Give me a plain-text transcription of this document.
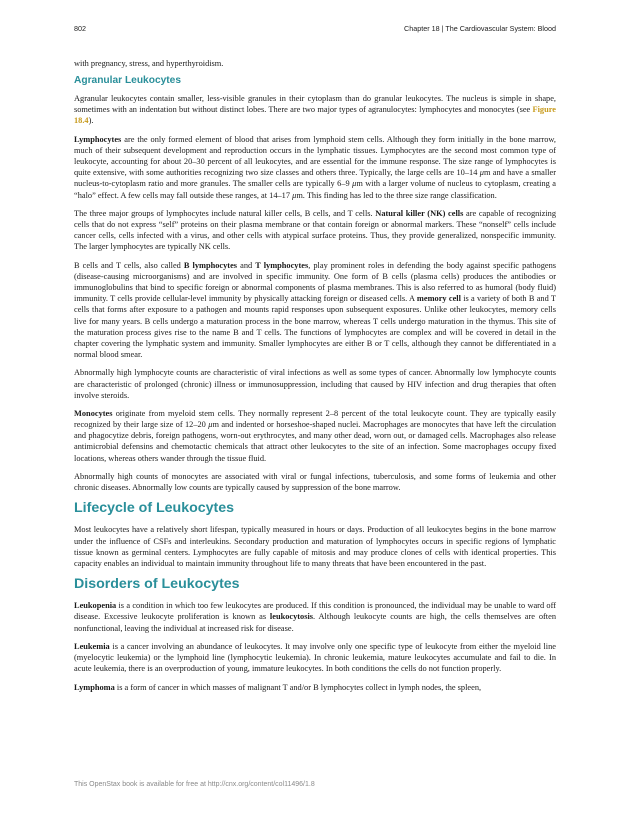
802	Chapter 18 | The Cardiovascular System: Blood

with pregnancy, stress, and hyperthyroidism.

Agranular Leukocytes

Agranular leukocytes contain smaller, less-visible granules in their cytoplasm than do granular leukocytes. The nucleus is simple in shape, sometimes with an indentation but without distinct lobes. There are two major types of agranulocytes: lymphocytes and monocytes (see Figure 18.4).

Lymphocytes are the only formed element of blood that arises from lymphoid stem cells. Although they form initially in the bone marrow, much of their subsequent development and reproduction occurs in the lymphatic tissues. Lymphocytes are the second most common type of leukocyte, accounting for about 20–30 percent of all leukocytes, and are essential for the immune response. The size range of lymphocytes is quite extensive, with some authorities recognizing two size classes and others three. Typically, the large cells are 10–14 μm and have a smaller nucleus-to-cytoplasm ratio and more granules. The smaller cells are typically 6–9 μm with a larger volume of nucleus to cytoplasm, creating a “halo” effect. A few cells may fall outside these ranges, at 14–17 μm. This finding has led to the three size range classification.

The three major groups of lymphocytes include natural killer cells, B cells, and T cells. Natural killer (NK) cells are capable of recognizing cells that do not express “self” proteins on their plasma membrane or that contain foreign or abnormal markers. These “nonself” cells include cancer cells, cells infected with a virus, and other cells with atypical surface proteins. Thus, they provide generalized, nonspecific immunity. The larger lymphocytes are typically NK cells.

B cells and T cells, also called B lymphocytes and T lymphocytes, play prominent roles in defending the body against specific pathogens (disease-causing microorganisms) and are involved in specific immunity. One form of B cells (plasma cells) produces the antibodies or immunoglobulins that bind to specific foreign or abnormal components of plasma membranes. This is also referred to as humoral (body fluid) immunity. T cells provide cellular-level immunity by physically attacking foreign or diseased cells. A memory cell is a variety of both B and T cells that forms after exposure to a pathogen and mounts rapid responses upon subsequent exposures. Unlike other leukocytes, memory cells live for many years. B cells undergo a maturation process in the bone marrow, whereas T cells undergo maturation in the thymus. This site of the maturation process gives rise to the name B and T cells. The functions of lymphocytes are complex and will be covered in detail in the chapter covering the lymphatic system and immunity. Smaller lymphocytes are either B or T cells, although they cannot be differentiated in a normal blood smear.

Abnormally high lymphocyte counts are characteristic of viral infections as well as some types of cancer. Abnormally low lymphocyte counts are characteristic of prolonged (chronic) illness or immunosuppression, including that caused by HIV infection and drug therapies that often involve steroids.

Monocytes originate from myeloid stem cells. They normally represent 2–8 percent of the total leukocyte count. They are typically easily recognized by their large size of 12–20 μm and indented or horseshoe-shaped nuclei. Macrophages are monocytes that have left the circulation and phagocytize debris, foreign pathogens, worn-out erythrocytes, and many other dead, worn out, or damaged cells. Macrophages also release antimicrobial defensins and chemotactic chemicals that attract other leukocytes to the site of an infection. Some macrophages occupy fixed locations, whereas others wander through the tissue fluid.

Abnormally high counts of monocytes are associated with viral or fungal infections, tuberculosis, and some forms of leukemia and other chronic diseases. Abnormally low counts are typically caused by suppression of the bone marrow.

Lifecycle of Leukocytes

Most leukocytes have a relatively short lifespan, typically measured in hours or days. Production of all leukocytes begins in the bone marrow under the influence of CSFs and interleukins. Secondary production and maturation of lymphocytes occurs in specific regions of lymphatic tissue known as germinal centers. Lymphocytes are fully capable of mitosis and may produce clones of cells with identical properties. This capacity enables an individual to maintain immunity throughout life to many threats that have been encountered in the past.

Disorders of Leukocytes

Leukopenia is a condition in which too few leukocytes are produced. If this condition is pronounced, the individual may be unable to ward off disease. Excessive leukocyte proliferation is known as leukocytosis. Although leukocyte counts are high, the cells themselves are often nonfunctional, leaving the individual at increased risk for disease.

Leukemia is a cancer involving an abundance of leukocytes. It may involve only one specific type of leukocyte from either the myeloid line (myelocytic leukemia) or the lymphoid line (lymphocytic leukemia). In chronic leukemia, mature leukocytes accumulate and fail to die. In acute leukemia, there is an overproduction of young, immature leukocytes. In both conditions the cells do not function properly.

Lymphoma is a form of cancer in which masses of malignant T and/or B lymphocytes collect in lymph nodes, the spleen,

This OpenStax book is available for free at http://cnx.org/content/col11496/1.8
